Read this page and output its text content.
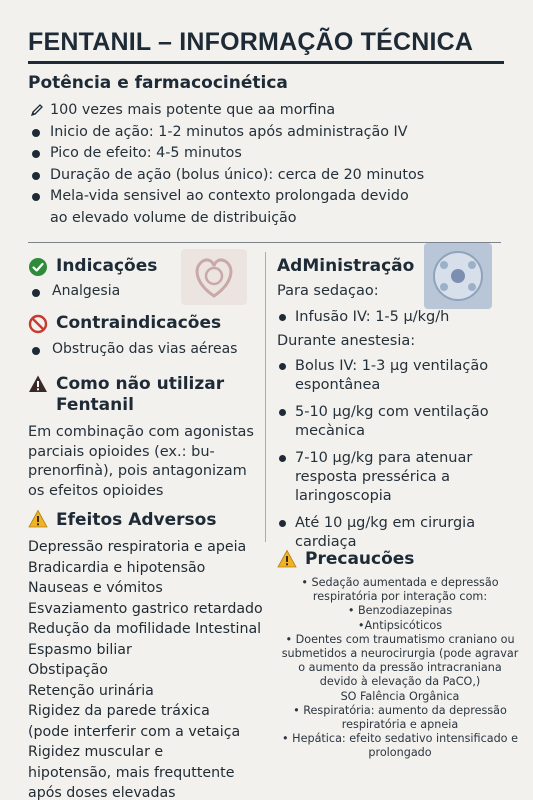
FENTANIL – INFORMAÇÃO TÉCNICA
Potência e farmacocinética
100 vezes mais potente que aa morfina
Inicio de ação: 1-2 minutos após administração IV
Pico de efeito: 4-5 minutos
Duração de ação (bolus único): cerca de 20 minutos
Mela-vida sensivel ao contexto prolongada devido ao elevado volume de distribuição
Indicações
Analgesia
Contraindicacões
Obstrução das vias aéreas
Como não utilizar
Fentanil
Em combinação com agonistas
parciais opioides (ex.: bu-
prenorfinà), pois antagonizam
os efeitos opioides
Efeitos Adversos
Depressão respiratoria e apeia
Bradicardia e hipotensão
Nauseas e vómitos
Esvaziamento gastrico retardado
Redução da mofilidade Intestinal
Espasmo biliar
Obstipação
Retenção urinária
Rigidez da parede tráxica
(pode interferir com a vetaiça
Rigidez muscular e
hipotensão, mais frequttente
após doses elevadas
AdMinistração
Para sedaçao:
Infusão IV: 1-5 µ/kg/h
Durante anestesia:
Bolus IV: 1-3 µg ventilação espontânea
5-10 µg/kg com ventilação mecànica
7-10 µg/kg para atenuar resposta pressérica a laringoscopia
Até 10 µg/kg em cirurgia cardiaça
Precaucões
• Sedação aumentada e depressão respiratória por interação com:
• Benzodiazepinas
•Antipsicóticos
• Doentes com traumatismo craniano ou submetidos a neurocirurgia (pode agravar o aumento da pressão intracraniana devido à elevação da PaCO,)
SO Falência Orgânica
• Respiratória: aumento da depressão respiratória e apneia
• Hepática: efeito sedativo intensificado e prolongado
